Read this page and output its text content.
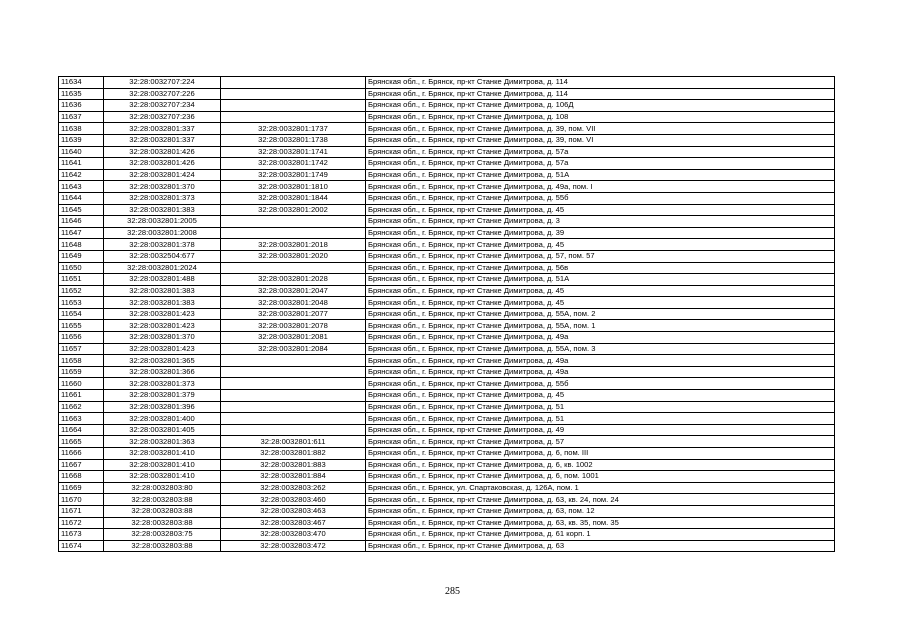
11634	32:28:0032707:224		Брянская обл., г. Брянск, пр-кт Станке Димитрова, д. 114
11635	32:28:0032707:226		Брянская обл., г. Брянск, пр-кт Станке Димитрова, д. 114
11636	32:28:0032707:234		Брянская обл., г. Брянск, пр-кт Станке Димитрова, д. 106Д
11637	32:28:0032707:236		Брянская обл., г. Брянск, пр-кт Станке Димитрова, д. 108
11638	32:28:0032801:337	32:28:0032801:1737	Брянская обл., г. Брянск, пр-кт Станке Димитрова, д. 39, пом. VII
11639	32:28:0032801:337	32:28:0032801:1738	Брянская обл., г. Брянск, пр-кт Станке Димитрова, д. 39, пом. VI
11640	32:28:0032801:426	32:28:0032801:1741	Брянская обл., г. Брянск, пр-кт Станке Димитрова, д. 57а
11641	32:28:0032801:426	32:28:0032801:1742	Брянская обл., г. Брянск, пр-кт Станке Димитрова, д. 57а
11642	32:28:0032801:424	32:28:0032801:1749	Брянская обл., г. Брянск, пр-кт Станке Димитрова, д. 51А
11643	32:28:0032801:370	32:28:0032801:1810	Брянская обл., г. Брянск, пр-кт Станке Димитрова, д. 49а, пом. I
11644	32:28:0032801:373	32:28:0032801:1844	Брянская обл., г. Брянск, пр-кт Станке Димитрова, д. 55б
11645	32:28:0032801:383	32:28:0032801:2002	Брянская обл., г. Брянск, пр-кт Станке Димитрова, д. 45
11646	32:28:0032801:2005		Брянская обл., г. Брянск, пр-кт Станке Димитрова, д. 3
11647	32:28:0032801:2008		Брянская обл., г. Брянск, пр-кт Станке Димитрова, д. 39
11648	32:28:0032801:378	32:28:0032801:2018	Брянская обл., г. Брянск, пр-кт Станке Димитрова, д. 45
11649	32:28:0032504:677	32:28:0032801:2020	Брянская обл., г. Брянск, пр-кт Станке Димитрова, д. 57, пом. 57
11650	32:28:0032801:2024		Брянская обл., г. Брянск, пр-кт Станке Димитрова, д. 56в
11651	32:28:0032801:488	32:28:0032801:2028	Брянская обл., г. Брянск, пр-кт Станке Димитрова, д. 51А
11652	32:28:0032801:383	32:28:0032801:2047	Брянская обл., г. Брянск, пр-кт Станке Димитрова, д. 45
11653	32:28:0032801:383	32:28:0032801:2048	Брянская обл., г. Брянск, пр-кт Станке Димитрова, д. 45
11654	32:28:0032801:423	32:28:0032801:2077	Брянская обл., г. Брянск, пр-кт Станке Димитрова, д. 55А, пом. 2
11655	32:28:0032801:423	32:28:0032801:2078	Брянская обл., г. Брянск, пр-кт Станке Димитрова, д. 55А, пом. 1
11656	32:28:0032801:370	32:28:0032801:2081	Брянская обл., г. Брянск, пр-кт Станке Димитрова, д. 49а
11657	32:28:0032801:423	32:28:0032801:2084	Брянская обл., г. Брянск, пр-кт Станке Димитрова, д. 55А, пом. 3
11658	32:28:0032801:365		Брянская обл., г. Брянск, пр-кт Станке Димитрова, д. 49а
11659	32:28:0032801:366		Брянская обл., г. Брянск, пр-кт Станке Димитрова, д. 49а
11660	32:28:0032801:373		Брянская обл., г. Брянск, пр-кт Станке Димитрова, д. 55б
11661	32:28:0032801:379		Брянская обл., г. Брянск, пр-кт Станке Димитрова, д. 45
11662	32:28:0032801:396		Брянская обл., г. Брянск, пр-кт Станке Димитрова, д. 51
11663	32:28:0032801:400		Брянская обл., г. Брянск, пр-кт Станке Димитрова, д. 51
11664	32:28:0032801:405		Брянская обл., г. Брянск, пр-кт Станке Димитрова, д. 49
11665	32:28:0032801:363	32:28:0032801:611	Брянская обл., г. Брянск, пр-кт Станке Димитрова, д. 57
11666	32:28:0032801:410	32:28:0032801:882	Брянская обл., г. Брянск, пр-кт Станке Димитрова, д. 6, пом. III
11667	32:28:0032801:410	32:28:0032801:883	Брянская обл., г. Брянск, пр-кт Станке Димитрова, д. 6, кв. 1002
11668	32:28:0032801:410	32:28:0032801:884	Брянская обл., г. Брянск, пр-кт Станке Димитрова, д. 6, пом. 1001
11669	32:28:0032803:80	32:28:0032803:262	Брянская обл., г. Брянск, ул. Спартаковская, д. 126А, пом. 1
11670	32:28:0032803:88	32:28:0032803:460	Брянская обл., г. Брянск, пр-кт Станке Димитрова, д. 63, кв. 24, пом. 24
11671	32:28:0032803:88	32:28:0032803:463	Брянская обл., г. Брянск, пр-кт Станке Димитрова, д. 63, пом. 12
11672	32:28:0032803:88	32:28:0032803:467	Брянская обл., г. Брянск, пр-кт Станке Димитрова, д. 63, кв. 35, пом. 35
11673	32:28:0032803:75	32:28:0032803:470	Брянская обл., г. Брянск, пр-кт Станке Димитрова, д. 61 корп. 1
11674	32:28:0032803:88	32:28:0032803:472	Брянская обл., г. Брянск, пр-кт Станке Димитрова, д. 63
285
